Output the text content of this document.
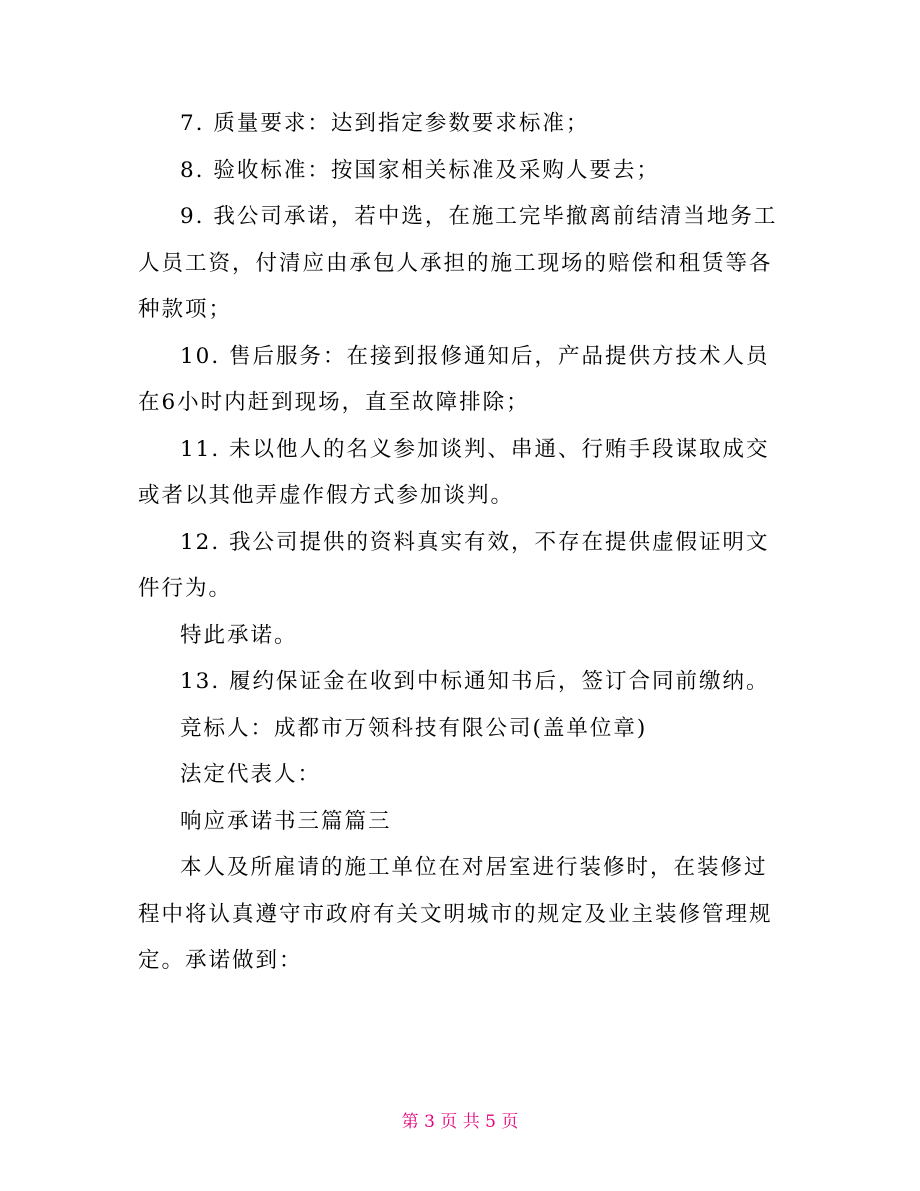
7. 质量要求：达到指定参数要求标准；
8. 验收标准：按国家相关标准及采购人要去；
9. 我公司承诺，若中选，在施工完毕撤离前结清当地务工
人员工资，付清应由承包人承担的施工现场的赔偿和租赁等各
种款项；
10. 售后服务：在接到报修通知后，产品提供方技术人员
在6小时内赶到现场，直至故障排除；
11. 未以他人的名义参加谈判、串通、行贿手段谋取成交
或者以其他弄虚作假方式参加谈判。
12. 我公司提供的资料真实有效，不存在提供虚假证明文
件行为。
特此承诺。
13. 履约保证金在收到中标通知书后，签订合同前缴纳。
竞标人：成都市万领科技有限公司(盖单位章)
法定代表人：
响应承诺书三篇篇三
本人及所雇请的施工单位在对居室进行装修时，在装修过
程中将认真遵守市政府有关文明城市的规定及业主装修管理规
定。承诺做到：
第 3 页 共 5 页
